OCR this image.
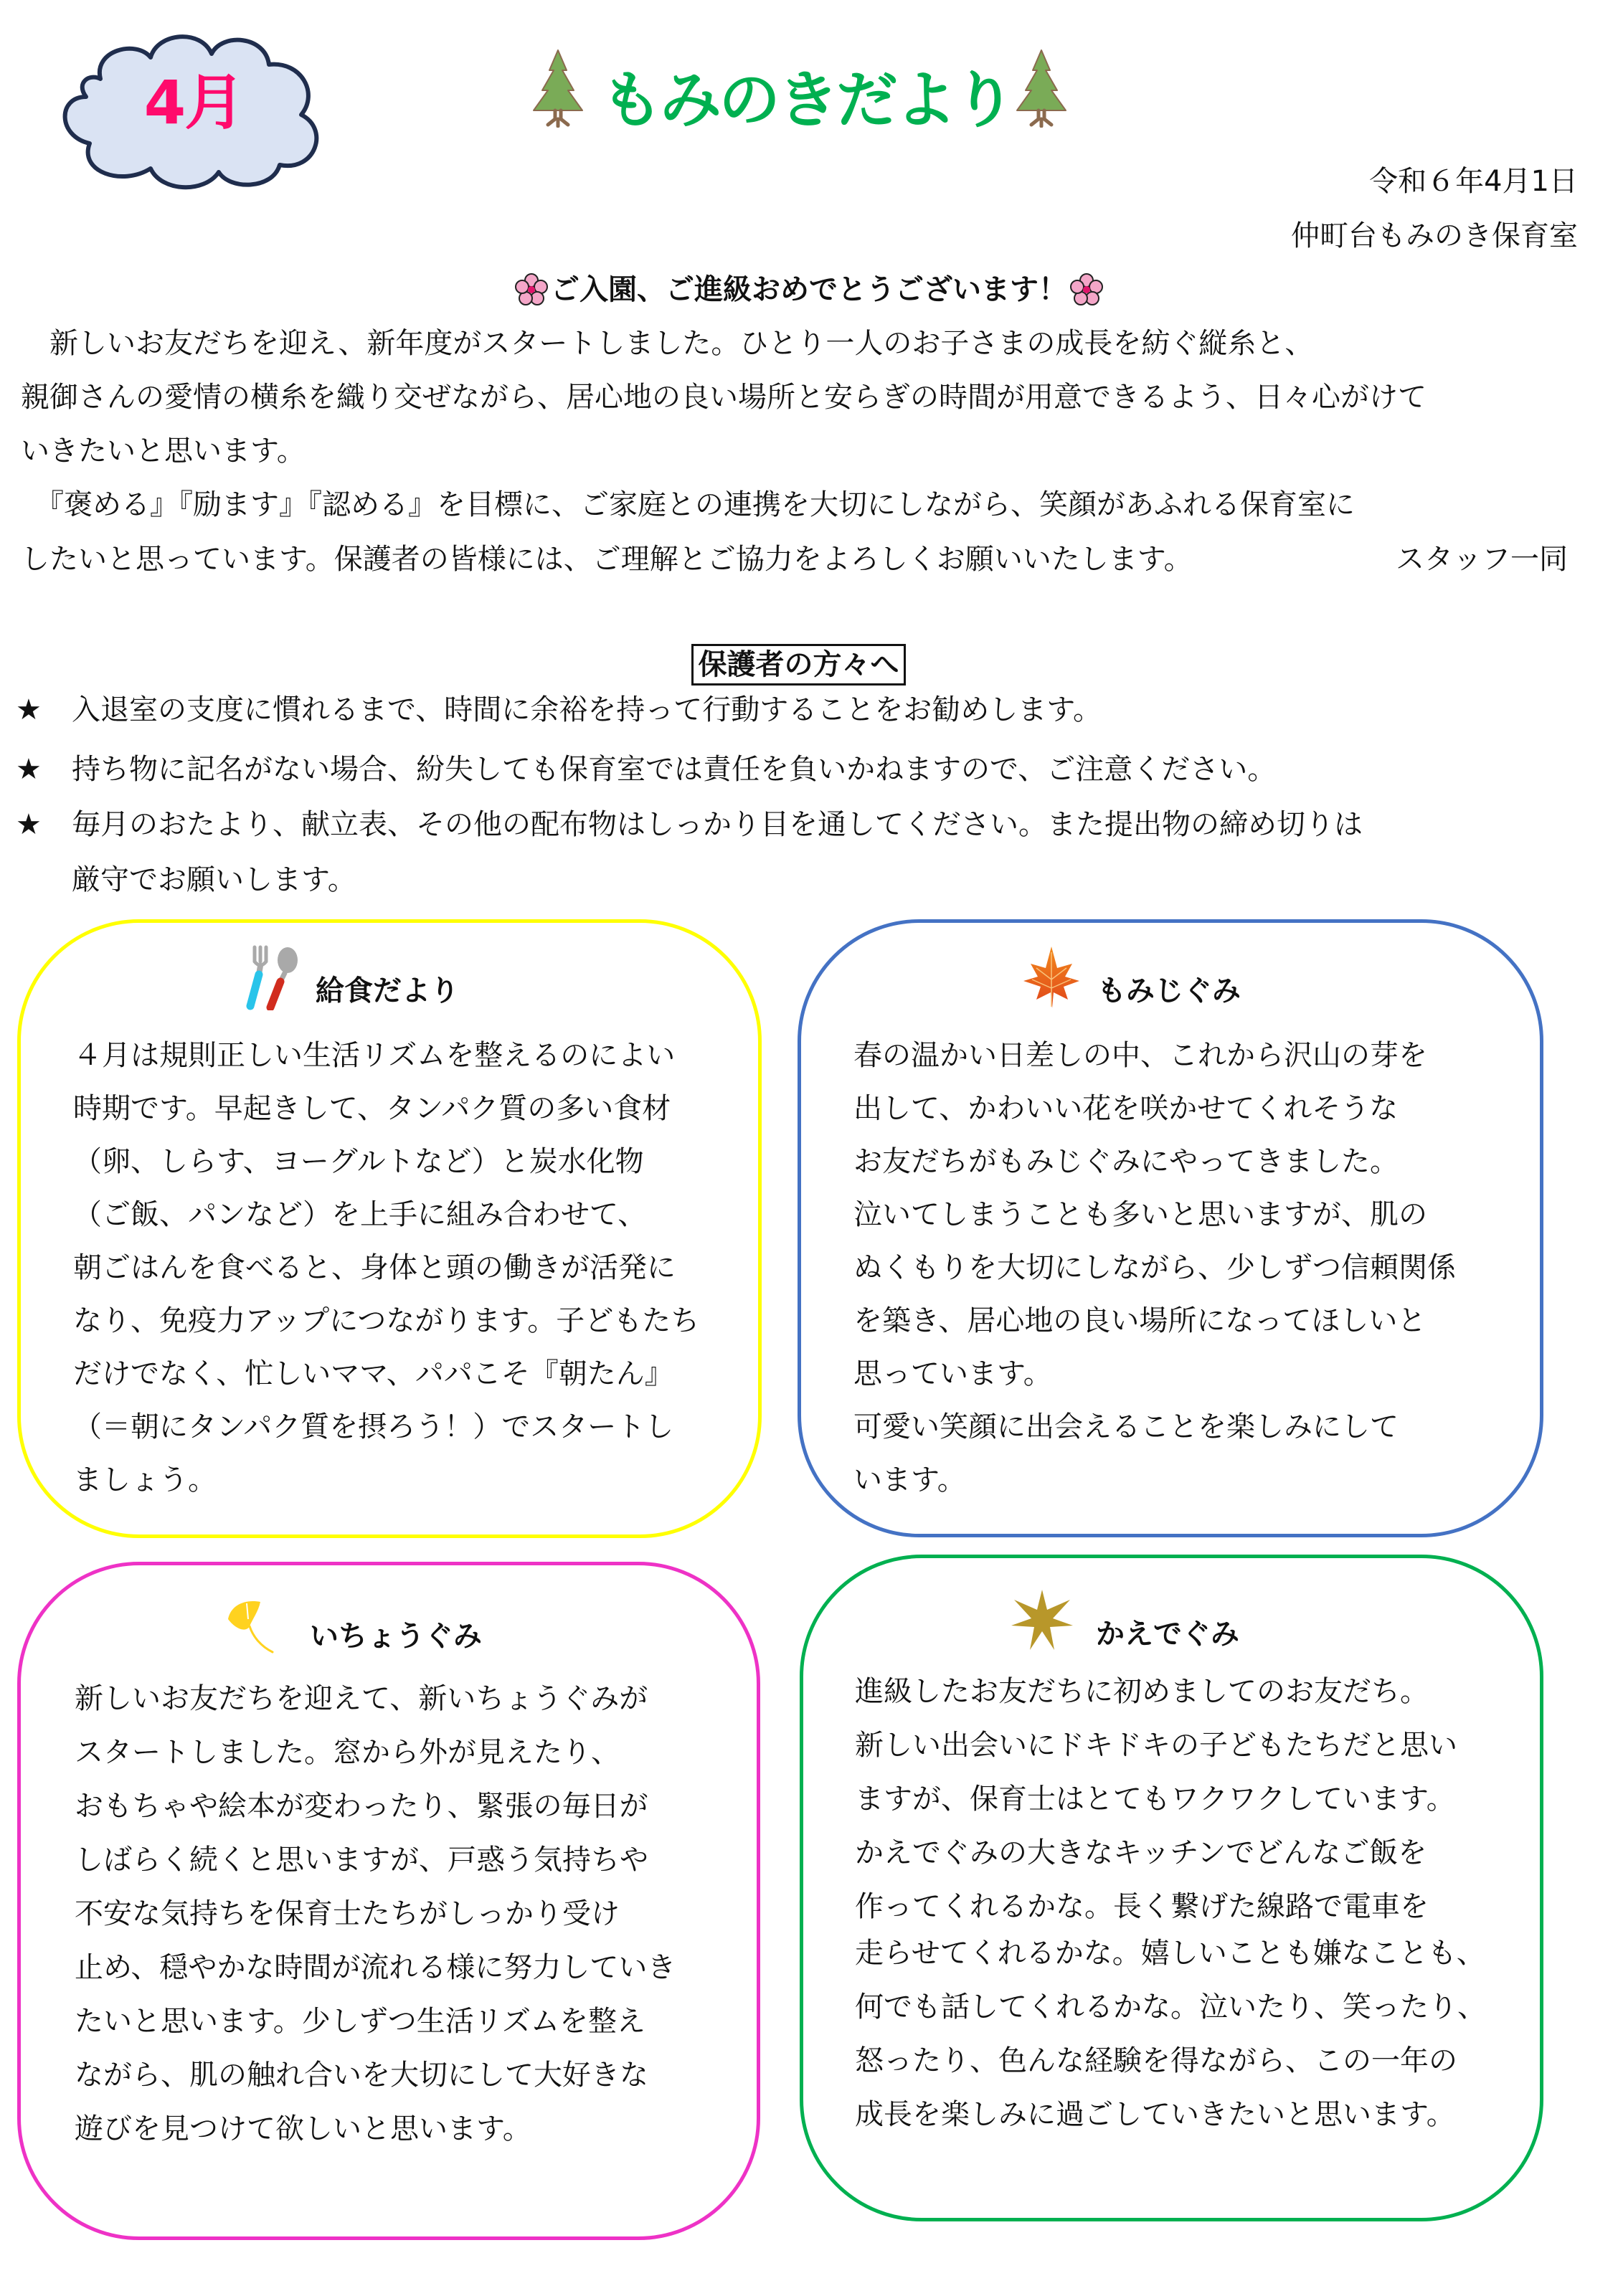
4月	もみのきだより
令和６年4月1日
仲町台もみのき保育室
ご入園、ご進級おめでとうございます！
　新しいお友だちを迎え、新年度がスタートしました。ひとり一人のお子さまの成長を紡ぐ縦糸と、
親御さんの愛情の横糸を織り交ぜながら、居心地の良い場所と安らぎの時間が用意できるよう、日々心がけて
いきたいと思います。
　『褒める』『励ます』『認める』を目標に、ご家庭との連携を大切にしながら、笑顔があふれる保育室に
したいと思っています。保護者の皆様には、ご理解とご協力をよろしくお願いいたします。	スタッフ一同
保護者の方々へ
★ 入退室の支度に慣れるまで、時間に余裕を持って行動することをお勧めします。
★ 持ち物に記名がない場合、紛失しても保育室では責任を負いかねますので、ご注意ください。
★ 毎月のおたより、献立表、その他の配布物はしっかり目を通してください。また提出物の締め切りは
厳守でお願いします。
給食だより
４月は規則正しい生活リズムを整えるのによい
時期です。早起きして、タンパク質の多い食材
（卵、しらす、ヨーグルトなど）と炭水化物
（ご飯、パンなど）を上手に組み合わせて、
朝ごはんを食べると、身体と頭の働きが活発に
なり、免疫力アップにつながります。子どもたち
だけでなく、忙しいママ、パパこそ『朝たん』
（＝朝にタンパク質を摂ろう！）でスタートし
ましょう。
もみじぐみ
春の温かい日差しの中、これから沢山の芽を
出して、かわいい花を咲かせてくれそうな
お友だちがもみじぐみにやってきました。
泣いてしまうことも多いと思いますが、肌の
ぬくもりを大切にしながら、少しずつ信頼関係
を築き、居心地の良い場所になってほしいと
思っています。
可愛い笑顔に出会えることを楽しみにして
います。
いちょうぐみ
新しいお友だちを迎えて、新いちょうぐみが
スタートしました。窓から外が見えたり、
おもちゃや絵本が変わったり、緊張の毎日が
しばらく続くと思いますが、戸惑う気持ちや
不安な気持ちを保育士たちがしっかり受け
止め、穏やかな時間が流れる様に努力していき
たいと思います。少しずつ生活リズムを整え
ながら、肌の触れ合いを大切にして大好きな
遊びを見つけて欲しいと思います。
かえでぐみ
進級したお友だちに初めましてのお友だち。
新しい出会いにドキドキの子どもたちだと思い
ますが、保育士はとてもワクワクしています。
かえでぐみの大きなキッチンでどんなご飯を
作ってくれるかな。長く繋げた線路で電車を
走らせてくれるかな。嬉しいことも嫌なことも、
何でも話してくれるかな。泣いたり、笑ったり、
怒ったり、色んな経験を得ながら、この一年の
成長を楽しみに過ごしていきたいと思います。
